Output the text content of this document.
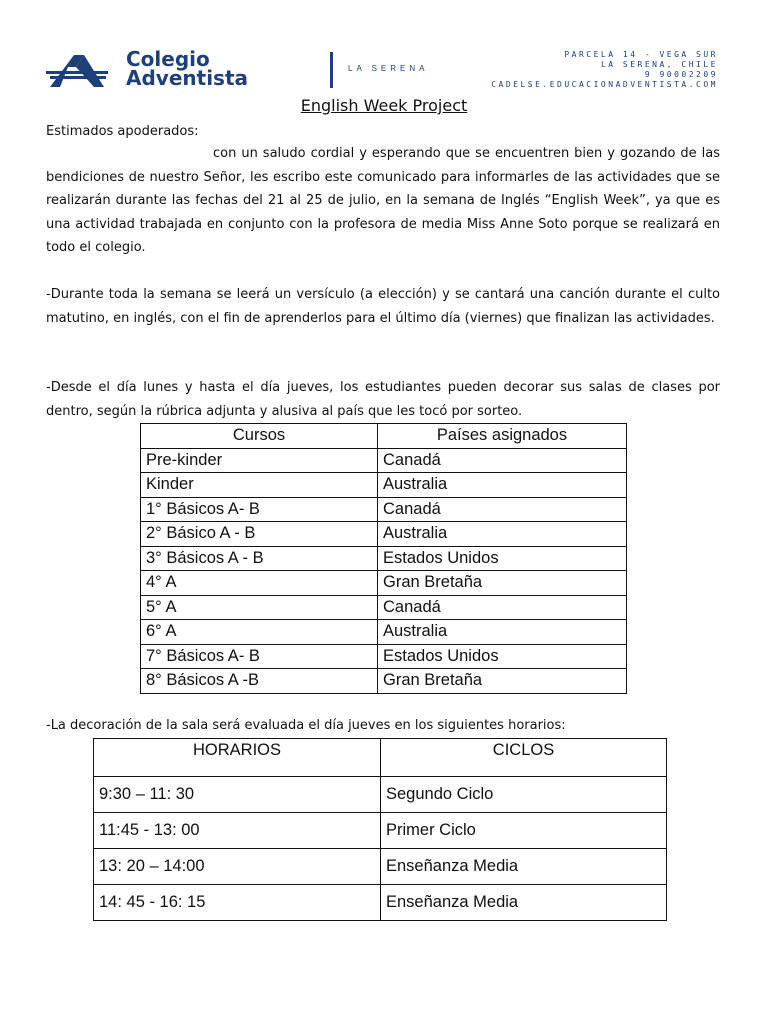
Colegio
Adventista	LA SERENA
PARCELA 14 - VEGA SUR
LA SERENA, CHILE
9 90002209
CADELSE.EDUCACIONADVENTISTA.COM
English Week Project
Estimados apoderados:
con un saludo cordial y esperando que se encuentren bien y gozando de las bendiciones de nuestro Señor, les escribo este comunicado para informarles de las actividades que se realizarán durante las fechas del 21 al 25 de julio, en la semana de Inglés “English Week”, ya que es una actividad trabajada en conjunto con la profesora de media Miss Anne Soto porque se realizará en todo el colegio.
-Durante toda la semana se leerá un versículo (a elección) y se cantará una canción durante el culto matutino, en inglés, con el fin de aprenderlos para el último día (viernes) que finalizan las actividades.
-Desde el día lunes y hasta el día jueves, los estudiantes pueden decorar sus salas de clases por dentro, según la rúbrica adjunta y alusiva al país que les tocó por sorteo.
Cursos	Países asignados
Pre-kinder	Canadá
Kinder	Australia
1° Básicos A- B	Canadá
2° Básico A - B	Australia
3° Básicos A - B	Estados Unidos
4° A	Gran Bretaña
5° A	Canadá
6° A	Australia
7° Básicos A- B	Estados Unidos
8° Básicos A -B	Gran Bretaña
-La decoración de la sala será evaluada el día jueves en los siguientes horarios:
HORARIOS	CICLOS
9:30 – 11: 30	Segundo Ciclo
11:45 - 13: 00	Primer Ciclo
13: 20 – 14:00	Enseñanza Media
14: 45 - 16: 15	Enseñanza Media
